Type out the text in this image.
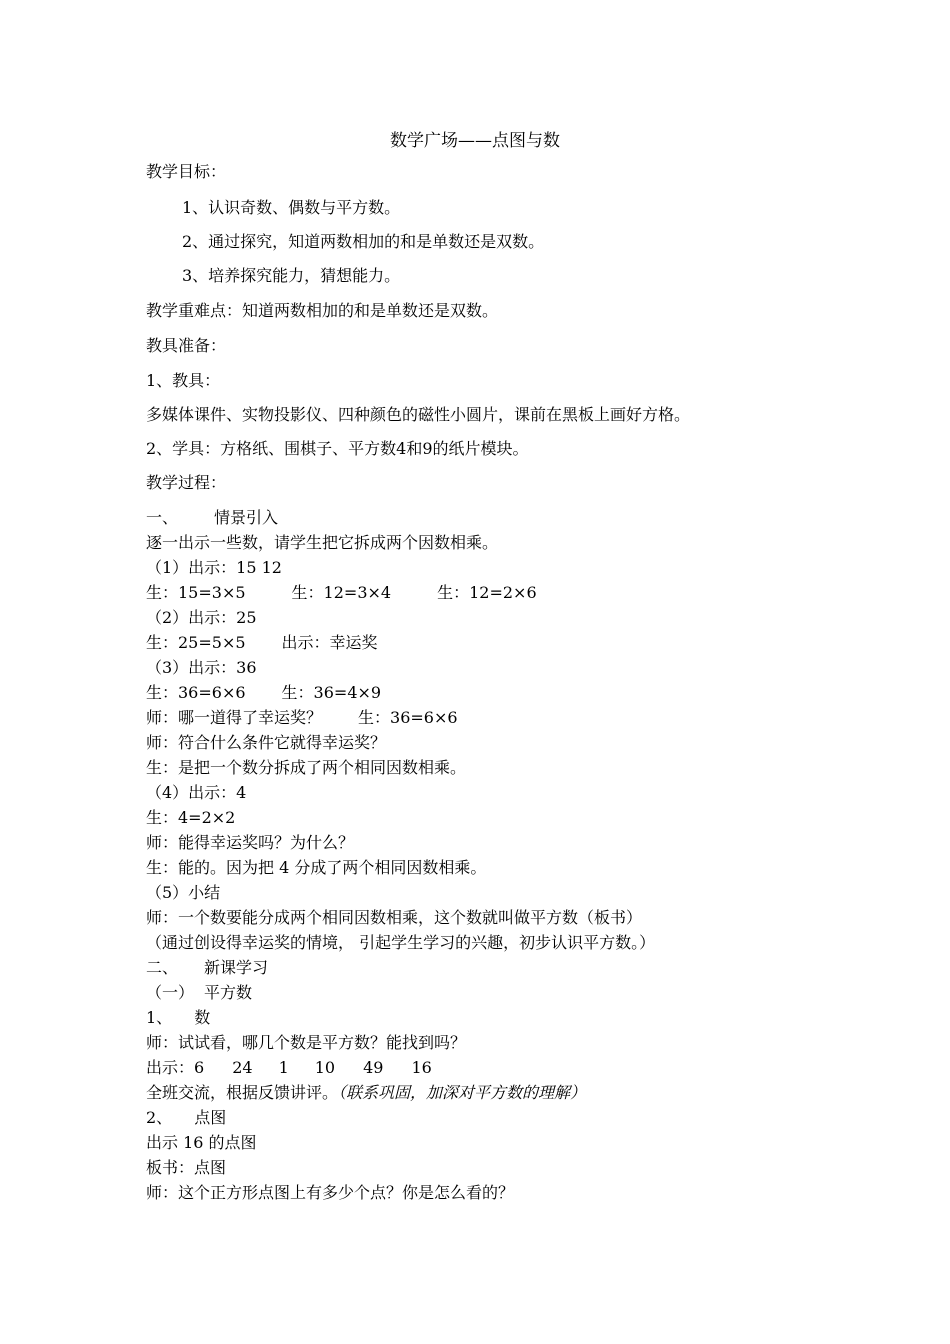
数学广场——点图与数
教学目标：
1、认识奇数、偶数与平方数。
2、通过探究，知道两数相加的和是单数还是双数。
3、培养探究能力，猜想能力。
教学重难点：知道两数相加的和是单数还是双数。
教具准备：
1、教具：
多媒体课件、实物投影仪、四种颜色的磁性小圆片，课前在黑板上画好方格。
2、学具：方格纸、围棋子、平方数4和9的纸片模块。
教学过程：
一、 情景引入
逐一出示一些数，请学生把它拆成两个因数相乘。
（1）出示：15 12
生：15=3×5	生：12=3×4	生：12=2×6
（2）出示：25
生：25=5×5 出示：幸运奖
（3）出示：36
生：36=6×6 生：36=4×9
师：哪一道得了幸运奖？ 生：36=6×6
师：符合什么条件它就得幸运奖？
生：是把一个数分拆成了两个相同因数相乘。
（4）出示：4
生：4=2×2
师：能得幸运奖吗？为什么？
生：能的。因为把 4 分成了两个相同因数相乘。
（5）小结
师：一个数要能分成两个相同因数相乘，这个数就叫做平方数（板书）
（通过创设得幸运奖的情境， 引起学生学习的兴趣，初步认识平方数。）
二、 新课学习
（一） 平方数
1、 数
师：试试看，哪几个数是平方数？能找到吗？
出示：6 24 1 10 49 16
全班交流，根据反馈讲评。（联系巩固，加深对平方数的理解）
2、 点图
出示 16 的点图
板书：点图
师：这个正方形点图上有多少个点？你是怎么看的？
